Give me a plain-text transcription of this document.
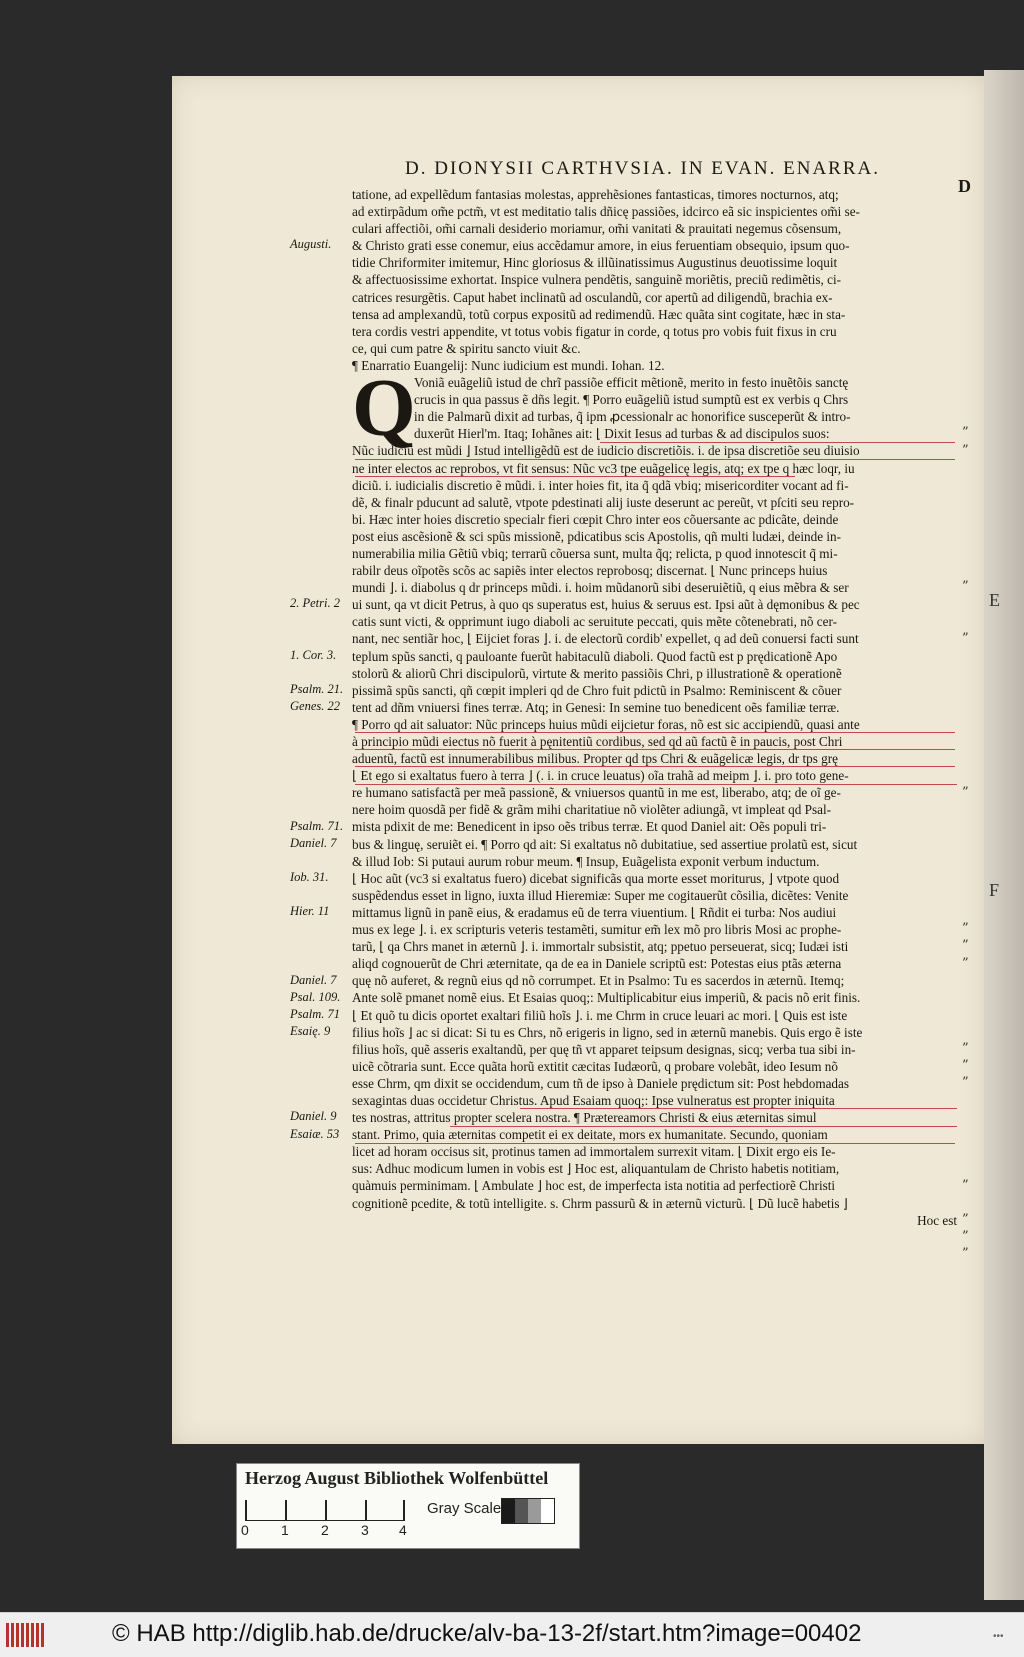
E
F
D. DIONYSII CARTHVSIA. IN EVAN. ENARRA.
D
Q
tatione, ad expellẽdum fantasias molestas, apprehẽsiones fantasticas, timores nocturnos, atq;
ad extirpãdum om̃e pctm̃, vt est meditatio talis dñicę passiões, idcirco eã sic inspicientes om̃i se-
culari affectiõi, om̃i carnali desiderio moriamur, om̃i vanitati & prauitati negemus cõsensum,
& Christo grati esse conemur, eius accẽdamur amore, in eius feruentiam obsequio, ipsum quo-
tidie Chriformiter imitemur, Hinc gloriosus & illũinatissimus Augustinus deuotissime loquit
& affectuosissime exhortat. Inspice vulnera pendẽtis, sanguinẽ moriẽtis, preciũ redimẽtis, ci-
catrices resurgẽtis. Caput habet inclinatũ ad osculandũ, cor apertũ ad diligendũ, brachia ex-
tensa ad amplexandũ, totũ corpus expositũ ad redimendũ. Hæc quãta sint cogitate, hæc in sta-
tera cordis vestri appendite, vt totus vobis figatur in corde, q totus pro vobis fuit fixus in cru
ce, qui cum patre & spiritu sancto viuit &c.
¶ Enarratio Euangelij: Nunc iudicium est mundi. Iohan. 12.
Voniã euãgeliũ istud de chrĩ passiõe efficit mẽtionẽ, merito in festo inuẽtõis sanctę
crucis in qua passus ẽ dñs legit. ¶ Porro euãgeliũ istud sumptũ est ex verbis q Chrs
in die Palmarũ dixit ad turbas, q̃ ipm ꝓcessionalr ac honorifice susceperũt & intro-
duxerũt Hierl'm. Itaq; Iohãnes ait: ⌊ Dixit Iesus ad turbas & ad discipulos suos:
Nũc iudiciũ est mũdi ⌋ Istud intelligẽdũ est de iudicio discretiõis. i. de ipsa discretiõe seu diuisio
ne inter electos ac reprobos, vt fit sensus: Nũc vc3 tpe euãgelicę legis, atq; ex tpe q hæc loqr, iu
diciũ. i. iudicialis discretio ẽ mũdi. i. inter hoies fit, ita q̃ qdã vbiq; misericorditer vocant ad fi-
dẽ, & finalr pducunt ad salutẽ, vtpote pdestinati alij iuste deserunt ac pereũt, vt pſciti seu repro-
bi. Hæc inter hoies discretio specialr fieri cœpit Chro inter eos cõuersante ac pdicãte, deinde
post eius ascẽsionẽ & sci spũs missionẽ, pdicatibus scis Apostolis, qñ multi ludæi, deinde in-
numerabilia milia Gẽtiũ vbiq; terrarũ cõuersa sunt, multa q̃q; relicta, p quod innotescit q̃ mi-
rabilr deus oĩpotẽs scõs ac sapiẽs inter electos reprobosq; discernat. ⌊ Nunc princeps huius
mundi ⌋. i. diabolus q dr princeps mũdi. i. hoim mũdanorũ sibi deseruiẽtiũ, q eius mẽbra & ser
ui sunt, qa vt dicit Petrus, à quo qs superatus est, huius & seruus est. Ipsi aũt à dęmonibus & pec
catis sunt victi, & opprimunt iugo diaboli ac seruitute peccati, quis mẽte cõtenebrati, nõ cer-
nant, nec sentiãr hoc, ⌊ Eijciet foras ⌋. i. de electorũ cordib' expellet, q ad deũ conuersi facti sunt
teplum spũs sancti, q pauloante fuerũt habitaculũ diaboli. Quod factũ est p prędicationẽ Apo
stolorũ & aliorũ Chri discipulorũ, virtute & merito passiõis Chri, p illustrationẽ & operationẽ
pissimã spũs sancti, qñ cœpit impleri qd de Chro fuit pdictũ in Psalmo: Reminiscent & cõuer
tent ad dñm vniuersi fines terræ. Atq; in Genesi: In semine tuo benedicent oẽs familiæ terræ.
¶ Porro qd ait saluator: Nũc princeps huius mũdi eijcietur foras, nõ est sic accipiendũ, quasi ante
à principio mũdi eiectus nõ fuerit à pęnitentiũ cordibus, sed qd aũ factũ ẽ in paucis, post Chri
aduentũ, factũ est innumerabilibus milibus. Propter qd tps Chri & euãgelicæ legis, dr tps grę
⌊ Et ego si exaltatus fuero à terra ⌋ (. i. in cruce leuatus) oĩa trahã ad meipm ⌋. i. pro toto gene-
re humano satisfactã per meã passionẽ, & vniuersos quantũ in me est, liberabo, atq; de oĩ ge-
nere hoim quosdã per fidẽ & grãm mihi charitatiue nõ violẽter adiungã, vt impleat qd Psal-
mista pdixit de me: Benedicent in ipso oẽs tribus terræ. Et quod Daniel ait: Oẽs populi tri-
bus & linguę, seruiẽt ei. ¶ Porro qd ait: Si exaltatus nõ dubitatiue, sed assertiue prolatũ est, sicut
& illud Iob: Si putaui aurum robur meum. ¶ Insup, Euãgelista exponit verbum inductum.
⌊ Hoc aũt (vc3 si exaltatus fuero) dicebat significãs qua morte esset moriturus, ⌋ vtpote quod
suspẽdendus esset in ligno, iuxta illud Hieremiæ: Super me cogitauerũt cõsilia, dicẽtes: Venite
mittamus lignũ in panẽ eius, & eradamus eũ de terra viuentium. ⌊ Rñdit ei turba: Nos audiui
mus ex lege ⌋. i. ex scripturis veteris testamẽti, sumitur em̃ lex mõ pro libris Mosi ac prophe-
tarũ, ⌊ qa Chrs manet in æternũ ⌋. i. immortalr subsistit, atq; ppetuo perseuerat, sicq; Iudæi isti
aliqd cognouerũt de Chri æternitate, qa de ea in Daniele scriptũ est: Potestas eius ptãs æterna
quę nõ auferet, & regnũ eius qd nõ corrumpet. Et in Psalmo: Tu es sacerdos in æternũ. Itemq;
Ante solẽ pmanet nomẽ eius. Et Esaias quoq;: Multiplicabitur eius imperiũ, & pacis nõ erit finis.
⌊ Et quõ tu dicis oportet exaltari filiũ hoĩs ⌋. i. me Chrm in cruce leuari ac mori. ⌊ Quis est iste
filius hoĩs ⌋ ac si dicat: Si tu es Chrs, nõ erigeris in ligno, sed in æternũ manebis. Quis ergo ẽ iste
filius hoĩs, quẽ asseris exaltandũ, per quę tñ vt apparet teipsum designas, sicq; verba tua sibi in-
uicẽ cõtraria sunt. Ecce quãta horũ extitit cæcitas Iudæorũ, q probare volebãt, ideo Iesum nõ
esse Chrm, qm dixit se occidendum, cum tñ de ipso à Daniele prędictum sit: Post hebdomadas
sexagintas duas occidetur Christus. Apud Esaiam quoq;: Ipse vulneratus est propter iniquita
tes nostras, attritus propter scelera nostra. ¶ Prætereamors Christi & eius æternitas simul
stant. Primo, quia æternitas competit ei ex deitate, mors ex humanitate. Secundo, quoniam
licet ad horam occisus sit, protinus tamen ad immortalem surrexit vitam. ⌊ Dixit ergo eis Ie-
sus: Adhuc modicum lumen in vobis est ⌋ Hoc est, aliquantulam de Christo habetis notitiam,
quàmuis perminimam. ⌊ Ambulate ⌋ hoc est, de imperfecta ista notitia ad perfectiorẽ Christi
cognitionẽ pcedite, & totũ intelligite. s. Chrm passurũ & in æternũ victurũ. ⌊ Dũ lucẽ habetis ⌋
Hoc est
Augusti.
2. Petri. 2
1. Cor. 3.
Psalm. 21.
Genes. 22
Psalm. 71.
Daniel. 7
Iob. 31.
Hier. 11
Daniel. 7
Psal. 109.
Psalm. 71
Esaię. 9
Daniel. 9
Esaiæ. 53
”
”
”
”
”
”
”
”
”
”
”
”
”
”
”
Herzog August Bibliothek Wolfenbüttel
0 1 2 3 4
Gray Scale
© HAB http://diglib.hab.de/drucke/alv-ba-13-2f/start.htm?image=00402	•••
